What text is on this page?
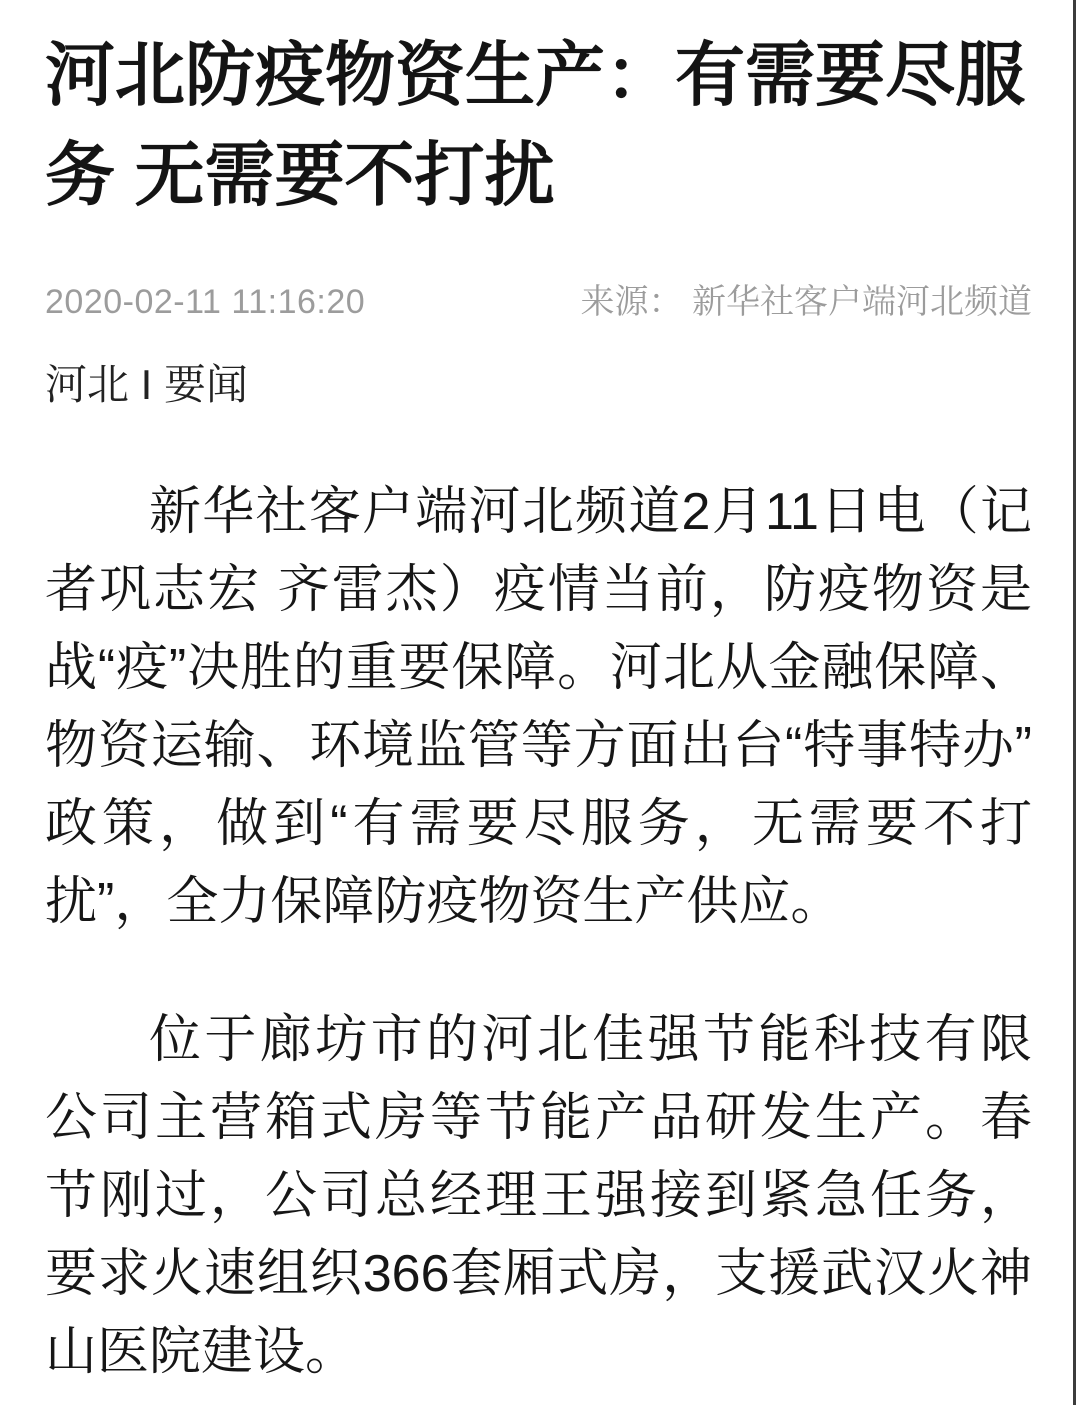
河北防疫物资生产：有需要尽服务 无需要不打扰
2020-02-11 11:16:20	来源： 新华社客户端河北频道
河北 I 要闻

新华社客户端河北频道2月11日电（记者巩志宏 齐雷杰）疫情当前，防疫物资是战“疫”决胜的重要保障。河北从金融保障、物资运输、环境监管等方面出台“特事特办”政策，做到“有需要尽服务，无需要不打扰”，全力保障防疫物资生产供应。

位于廊坊市的河北佳强节能科技有限公司主营箱式房等节能产品研发生产。春节刚过，公司总经理王强接到紧急任务，要求火速组织366套厢式房，支援武汉火神山医院建设。
